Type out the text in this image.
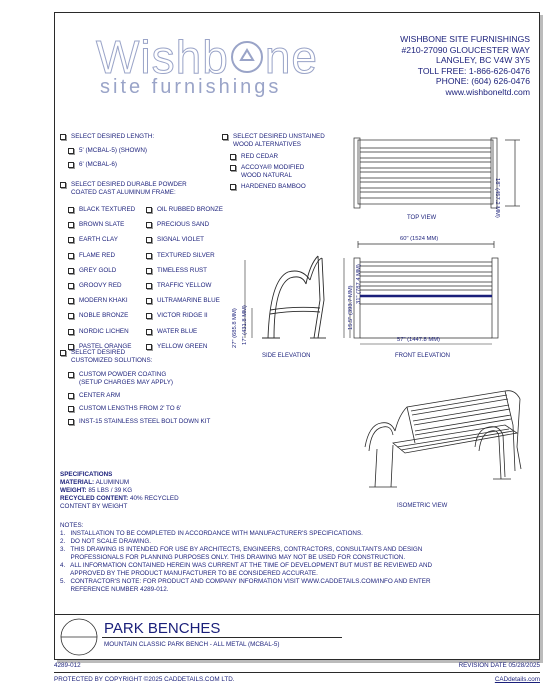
Wishb ne
site furnishings
WISHBONE SITE FURNISHINGS
#210-27090 GLOUCESTER WAY
LANGLEY, BC V4W 3Y5
TOLL FREE: 1-866-626-0476
PHONE: (604) 626-0476
www.wishboneltd.com
SELECT DESIRED LENGTH:
5' (MCBAL-5) (SHOWN)
6' (MCBAL-6)
SELECT DESIRED DURABLE POWDER
COATED CAST ALUMINUM FRAME:
BLACK TEXTURED
BROWN SLATE
EARTH CLAY
FLAME RED
GREY GOLD
GROOVY RED
MODERN KHAKI
NOBLE BRONZE
NORDIC LICHEN
PASTEL ORANGE
OIL RUBBED BRONZE
PRECIOUS SAND
SIGNAL VIOLET
TEXTURED SILVER
TIMELESS RUST
TRAFFIC YELLOW
ULTRAMARINE BLUE
VICTOR RIDGE II
WATER BLUE
YELLOW GREEN
SELECT DESIRED UNSTAINED
WOOD ALTERNATIVES
RED CEDAR
ACCOYA® MODIFIED
WOOD NATURAL
HARDENED BAMBOO
SELECT DESIRED
CUSTOMIZED SOLUTIONS:
CUSTOM POWDER COATING
(SETUP CHARGES MAY APPLY)
CENTER ARM
CUSTOM LENGTHS FROM 2' TO 6'
INST-15 STAINLESS STEEL BOLT DOWN KIT
18" (457.2 MM)
TOP VIEW
60" (1524 MM)
31" (787.4 MM)
15.5" (393.7 MM)
57" (1447.8 MM)
FRONT ELEVATION
27" (685.8 MM) 17" (431.8 MM)
SIDE ELEVATION
ISOMETRIC VIEW
SPECIFICATIONS
MATERIAL: ALUMINUM
WEIGHT: 85 LBS / 39 KG
RECYCLED CONTENT: 40% RECYCLED
CONTENT BY WEIGHT
NOTES:
1.   INSTALLATION TO BE COMPLETED IN ACCORDANCE WITH MANUFACTURER'S SPECIFICATIONS.
2.   DO NOT SCALE DRAWING.
3.   THIS DRAWING IS INTENDED FOR USE BY ARCHITECTS, ENGINEERS, CONTRACTORS, CONSULTANTS AND DESIGN
PROFESSIONALS FOR PLANNING PURPOSES ONLY. THIS DRAWING MAY NOT BE USED FOR CONSTRUCTION.
4.   ALL INFORMATION CONTAINED HEREIN WAS CURRENT AT THE TIME OF DEVELOPMENT BUT MUST BE REVIEWED AND
APPROVED BY THE PRODUCT MANUFACTURER TO BE CONSIDERED ACCURATE.
5.   CONTRACTOR'S NOTE: FOR PRODUCT AND COMPANY INFORMATION VISIT WWW.CADDETAILS.COM/INFO AND ENTER
REFERENCE NUMBER 4289-012.
PARK BENCHES
MOUNTAIN CLASSIC PARK BENCH - ALL METAL (MCBAL-5)
4289-012	REVISION DATE 05/28/2025
PROTECTED BY COPYRIGHT ©2025 CADDETAILS.COM LTD.	CADdetails.com
